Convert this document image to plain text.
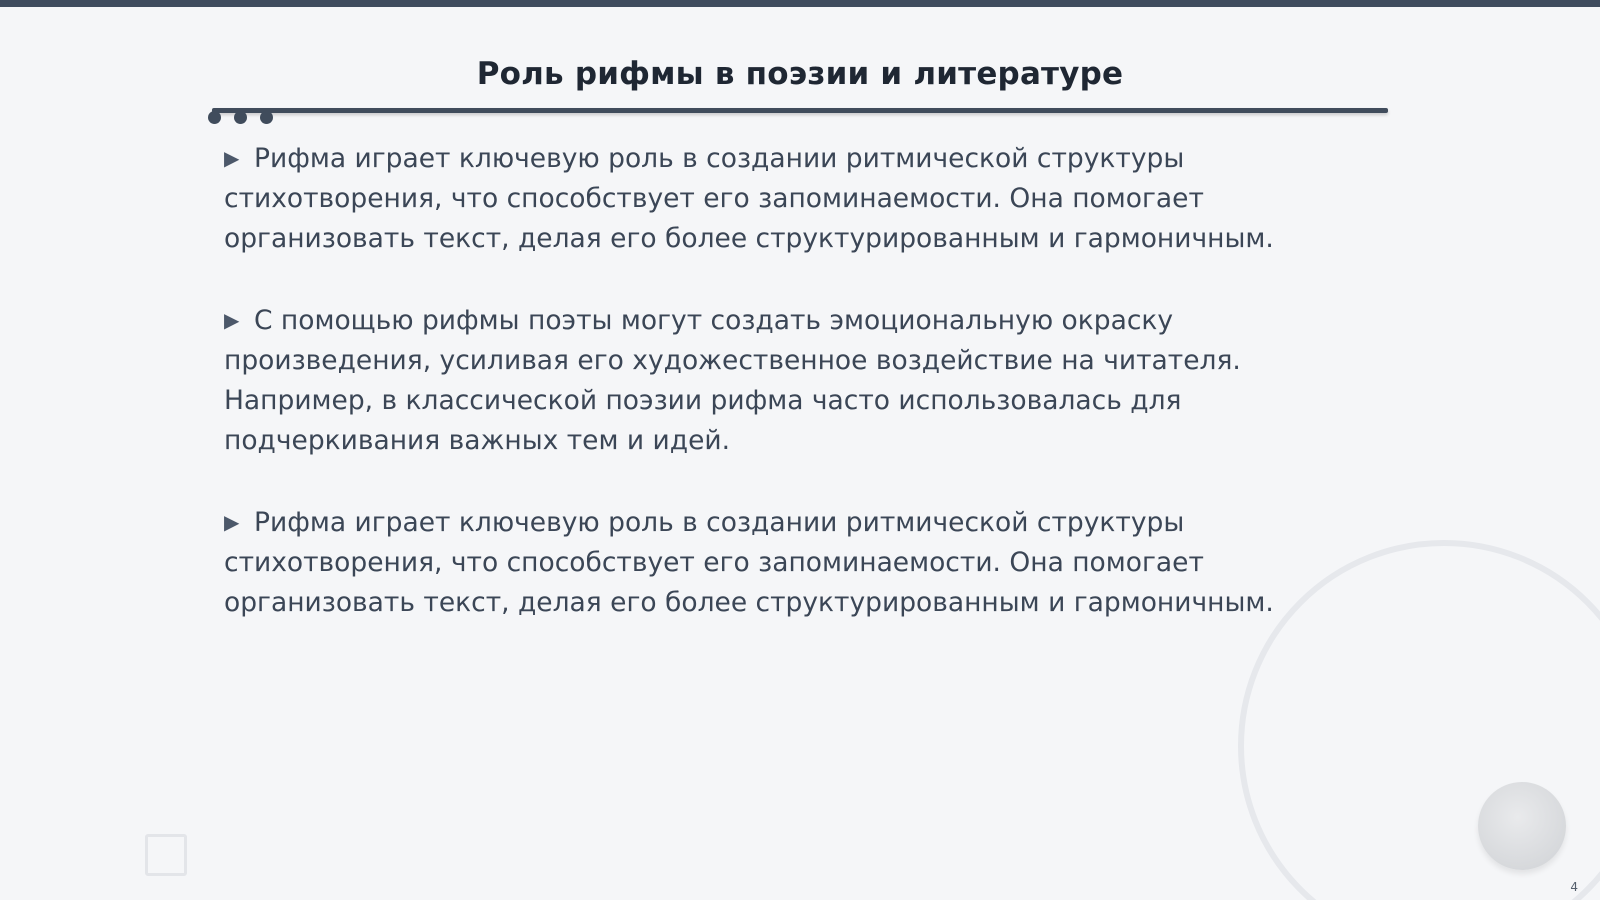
Роль рифмы в поэзии и литературе

▶ Рифма играет ключевую роль в создании ритмической структуры стихотворения, что способствует его запоминаемости. Она помогает организовать текст, делая его более структурированным и гармоничным.

▶ С помощью рифмы поэты могут создать эмоциональную окраску произведения, усиливая его художественное воздействие на читателя. Например, в классической поэзии рифма часто использовалась для подчеркивания важных тем и идей.

▶ Рифма играет ключевую роль в создании ритмической структуры стихотворения, что способствует его запоминаемости. Она помогает организовать текст, делая его более структурированным и гармоничным.

4
